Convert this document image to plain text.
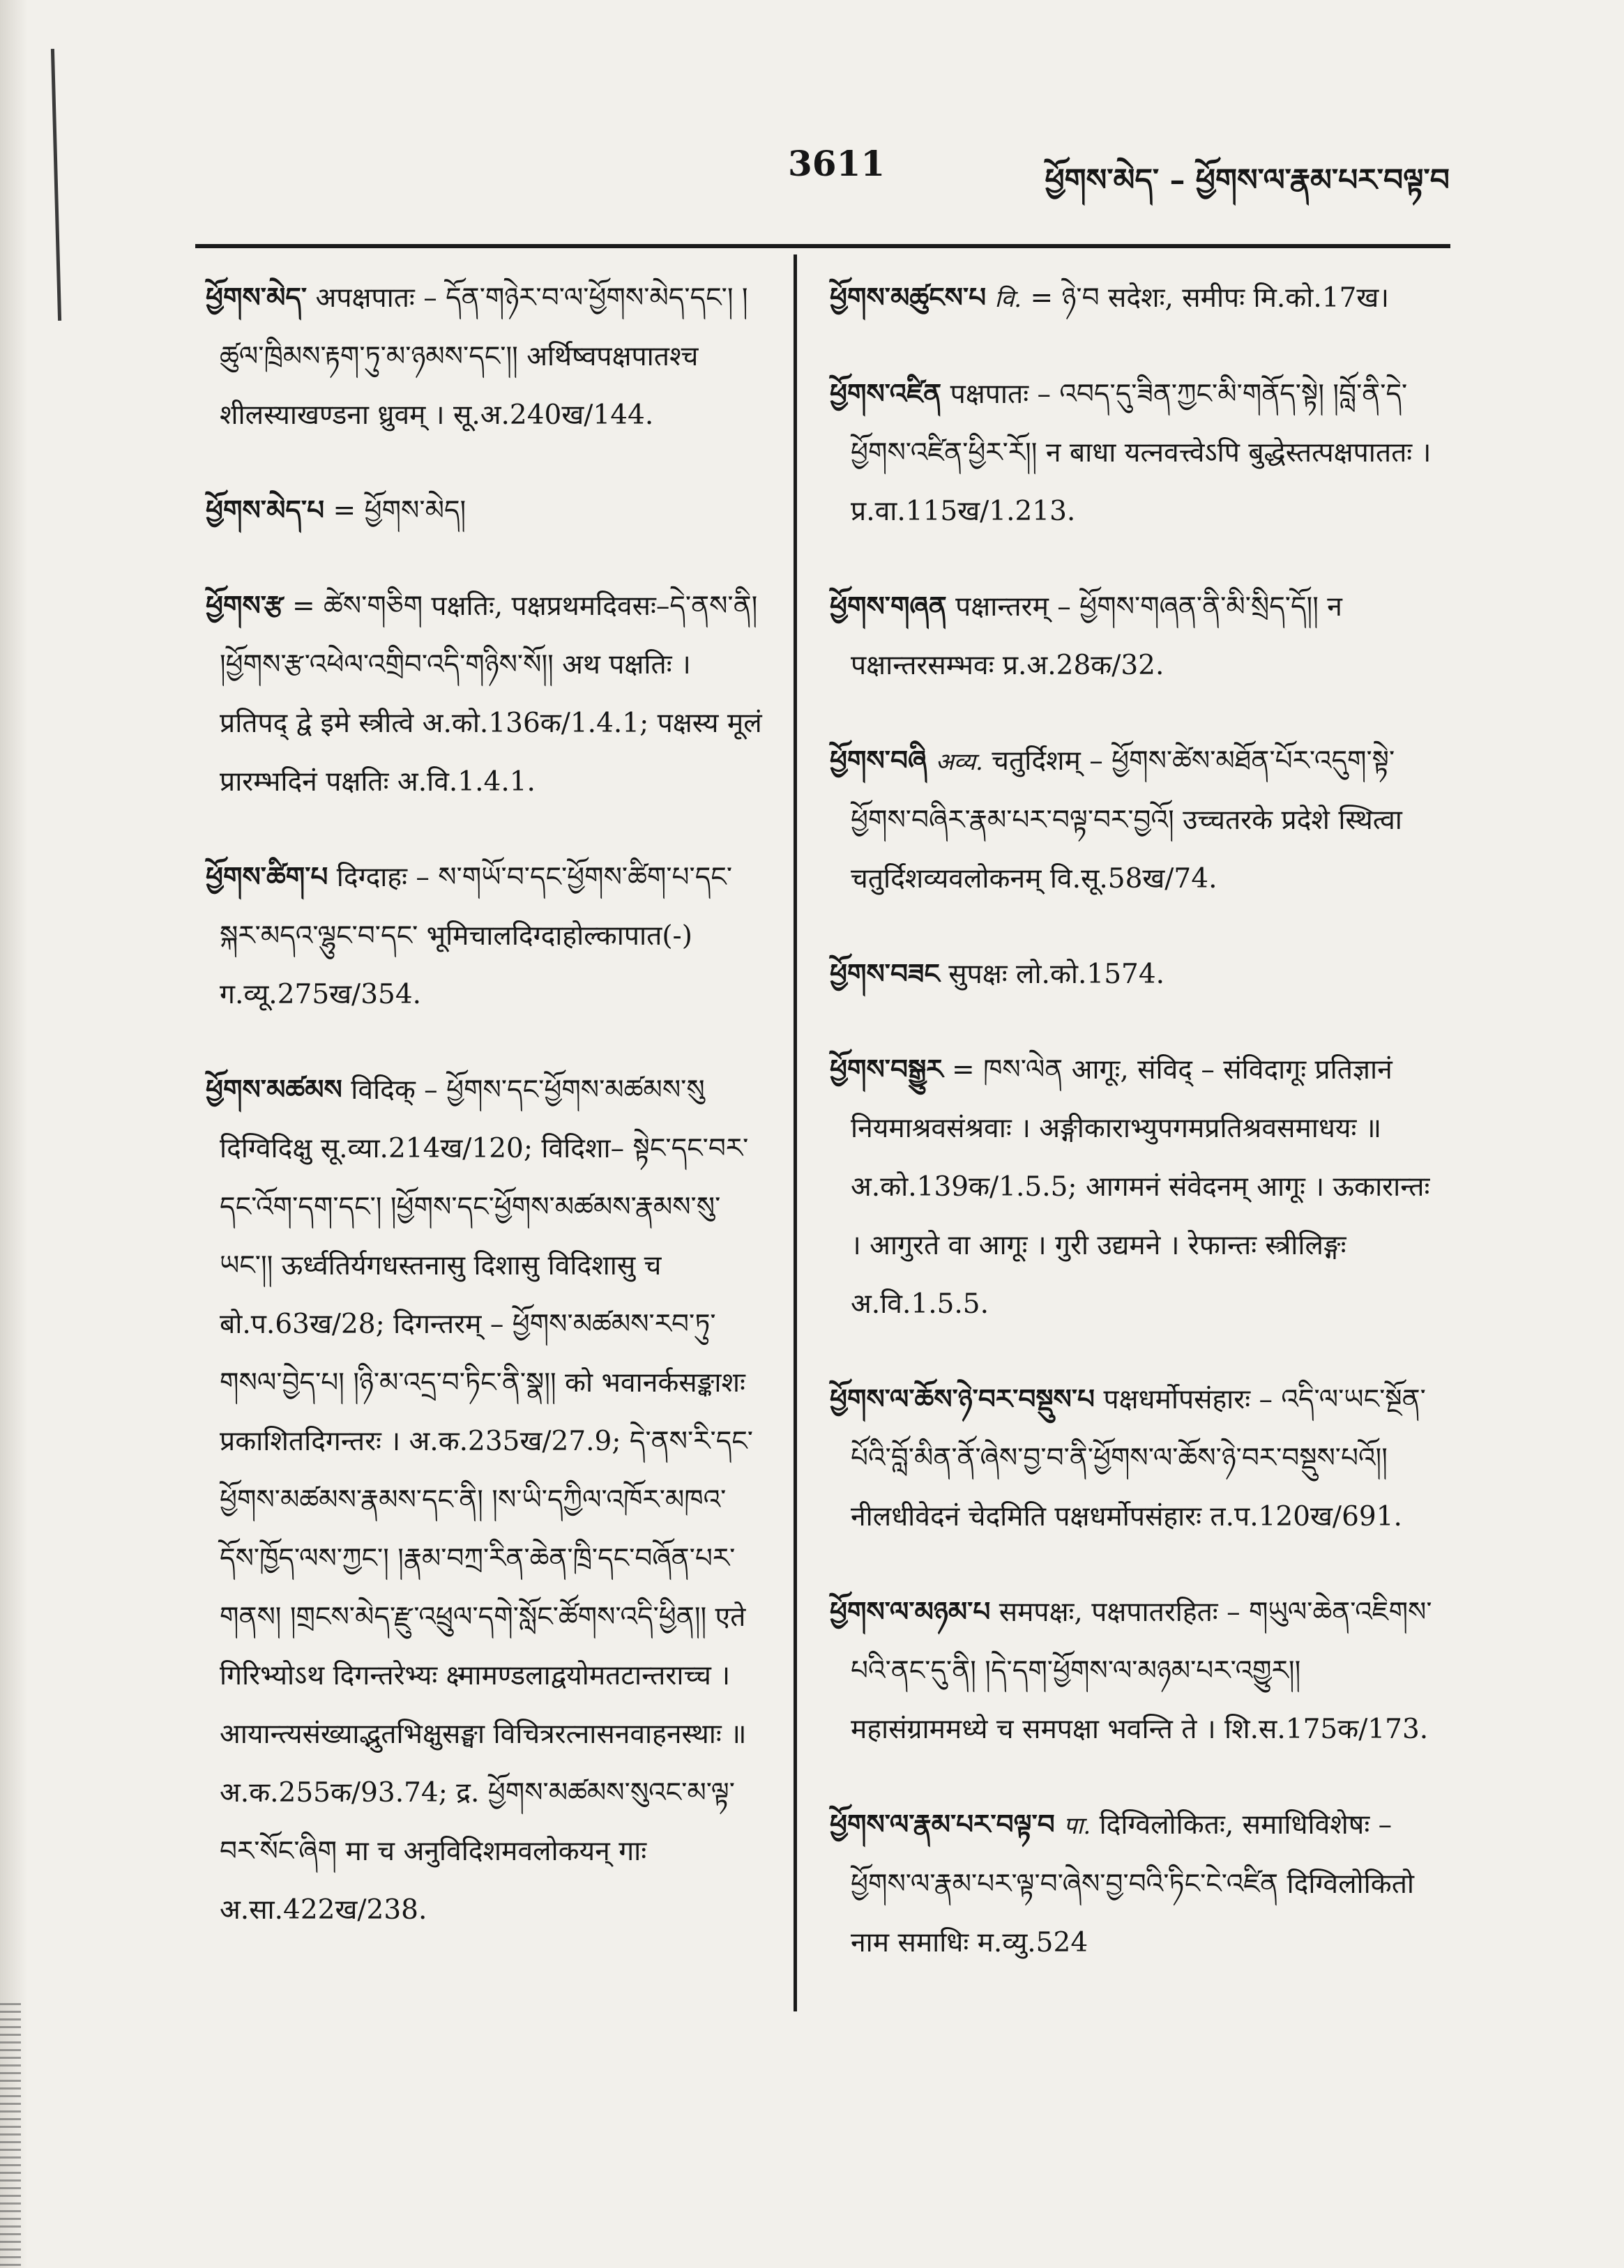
3611	ཕྱོགས་མེད་ – ཕྱོགས་ལ་རྣམ་པར་བལྟ་བ

ཕྱོགས་མེད་ अपक्षपातः – དོན་གཉེར་བ་ལ་ཕྱོགས་མེད་དང་། །ཚུལ་ཁྲིམས་རྟག་ཏུ་མ་ཉམས་དང་།། अर्थिष्वपक्षपातश्च शीलस्याखण्डना ध्रुवम् । सू.अ.240ख/144.

ཕྱོགས་མེད་པ = ཕྱོགས་མེད།

ཕྱོགས་རྩ = ཚེས་གཅིག पक्षतिः, पक्षप्रथमदिवसः–དེ་ནས་ནི། །ཕྱོགས་རྩ་འཕེལ་འགྲིབ་འདི་གཉིས་སོ།། अथ पक्षतिः । प्रतिपद् द्वे इमे स्त्रीत्वे अ.को.136क/1.4.1; पक्षस्य मूलं प्रारम्भदिनं पक्षतिः अ.वि.1.4.1.

ཕྱོགས་ཚིག་པ दिग्दाहः – ས་གཡོ་བ་དང་ཕྱོགས་ཚིག་པ་དང་སྐར་མདའ་ལྷུང་བ་དང་ भूमिचालदिग्दाहोल्कापात(-) ग.व्यू.275ख/354.

ཕྱོགས་མཚམས विदिक् – ཕྱོགས་དང་ཕྱོགས་མཚམས་སུ दिग्विदिक्षु सू.व्या.214ख/120; विदिशा– སྟེང་དང་བར་དང་འོག་དག་དང་། །ཕྱོགས་དང་ཕྱོགས་མཚམས་རྣམས་སུ་ཡང་།། ऊर्ध्वतिर्यगधस्तनासु दिशासु विदिशासु च बो.प.63ख/28; दिगन्तरम् – ཕྱོགས་མཚམས་རབ་ཏུ་གསལ་བྱེད་པ། །ཉི་མ་འདྲ་བ་ཏིང་ནི་སྣ།། को भवानर्कसङ्काशः प्रकाशितदिगन्तरः । अ.क.235ख/27.9; དེ་ནས་རི་དང་ཕྱོགས་མཚམས་རྣམས་དང་ནི། །ས་ཡི་དཀྱིལ་འཁོར་མཁའ་དོས་ཁྱོད་ལས་ཀྱང་། །རྣམ་བཀྲ་རིན་ཆེན་ཁྲི་དང་བཞོན་པར་གནས། །གྲངས་མེད་རྫུ་འཕྲུལ་དགེ་སློང་ཚོགས་འདི་ཕྱིན།། एते गिरिभ्योऽथ दिगन्तरेभ्यः क्ष्मामण्डलाद्वयोमतटान्तराच्च । आयान्त्यसंख्याद्भुतभिक्षुसङ्घा विचित्ररत्नासनवाहनस्थाः ॥ अ.क.255क/93.74; द्र. ཕྱོགས་མཚམས་སུའང་མ་ལྟ་བར་སོང་ཞིག मा च अनुविदिशमवलोकयन् गाः अ.सा.422ख/238.

ཕྱོགས་མཚུངས་པ वि. = ཉེ་བ सदेशः, समीपः मि.को.17ख।

ཕྱོགས་འཛིན पक्षपातः – འབད་དུ་ཟིན་ཀྱང་མི་གནོད་སྟེ། །བློ་ནི་དེ་ཕྱོགས་འཛིན་ཕྱིར་རོ།། न बाधा यत्नवत्त्वेऽपि बुद्धेस्तत्पक्षपाततः । प्र.वा.115ख/1.213.

ཕྱོགས་གཞན पक्षान्तरम् – ཕྱོགས་གཞན་ནི་མི་སྲིད་དོ།། न पक्षान्तरसम्भवः प्र.अ.28क/32.

ཕྱོགས་བཞི अव्य. चतुर्दिशम् – ཕྱོགས་ཚེས་མཐོན་པོར་འདུག་སྟེ་ཕྱོགས་བཞིར་རྣམ་པར་བལྟ་བར་བྱའོ། उच्चतरके प्रदेशे स्थित्वा चतुर्दिशव्यवलोकनम् वि.सू.58ख/74.

ཕྱོགས་བཟང सुपक्षः लो.को.1574.

ཕྱོགས་བསྒྱུར = ཁས་ལེན आगूः, संविद् – संविदागूः प्रतिज्ञानं नियमाश्रवसंश्रवाः । अङ्गीकाराभ्युपगमप्रतिश्रवसमाधयः ॥ अ.को.139क/1.5.5; आगमनं संवेदनम् आगूः । ऊकारान्तः । आगुरते वा आगूः । गुरी उद्यमने । रेफान्तः स्त्रीलिङ्गः अ.वि.1.5.5.

ཕྱོགས་ལ་ཆོས་ཉེ་བར་བསྡུས་པ पक्षधर्मोपसंहारः – འདི་ལ་ཡང་སྔོན་པོའི་བློ་མིན་ནོ་ཞེས་བྱ་བ་ནི་ཕྱོགས་ལ་ཆོས་ཉེ་བར་བསྡུས་པའོ།། नीलधीवेदनं चेदमिति पक्षधर्मोपसंहारः त.प.120ख/691.

ཕྱོགས་ལ་མཉམ་པ समपक्षः, पक्षपातरहितः – གཡུལ་ཆེན་འཇིགས་པའི་ནང་དུ་ནི། །དེ་དག་ཕྱོགས་ལ་མཉམ་པར་འགྱུར།། महासंग्राममध्ये च समपक्षा भवन्ति ते । शि.स.175क/173.

ཕྱོགས་ལ་རྣམ་པར་བལྟ་བ पा. दिग्विलोकितः, समाधिविशेषः – ཕྱོགས་ལ་རྣམ་པར་ལྟ་བ་ཞེས་བྱ་བའི་ཏིང་ངེ་འཛིན दिग्विलोकितो नाम समाधिः म.व्यु.524
